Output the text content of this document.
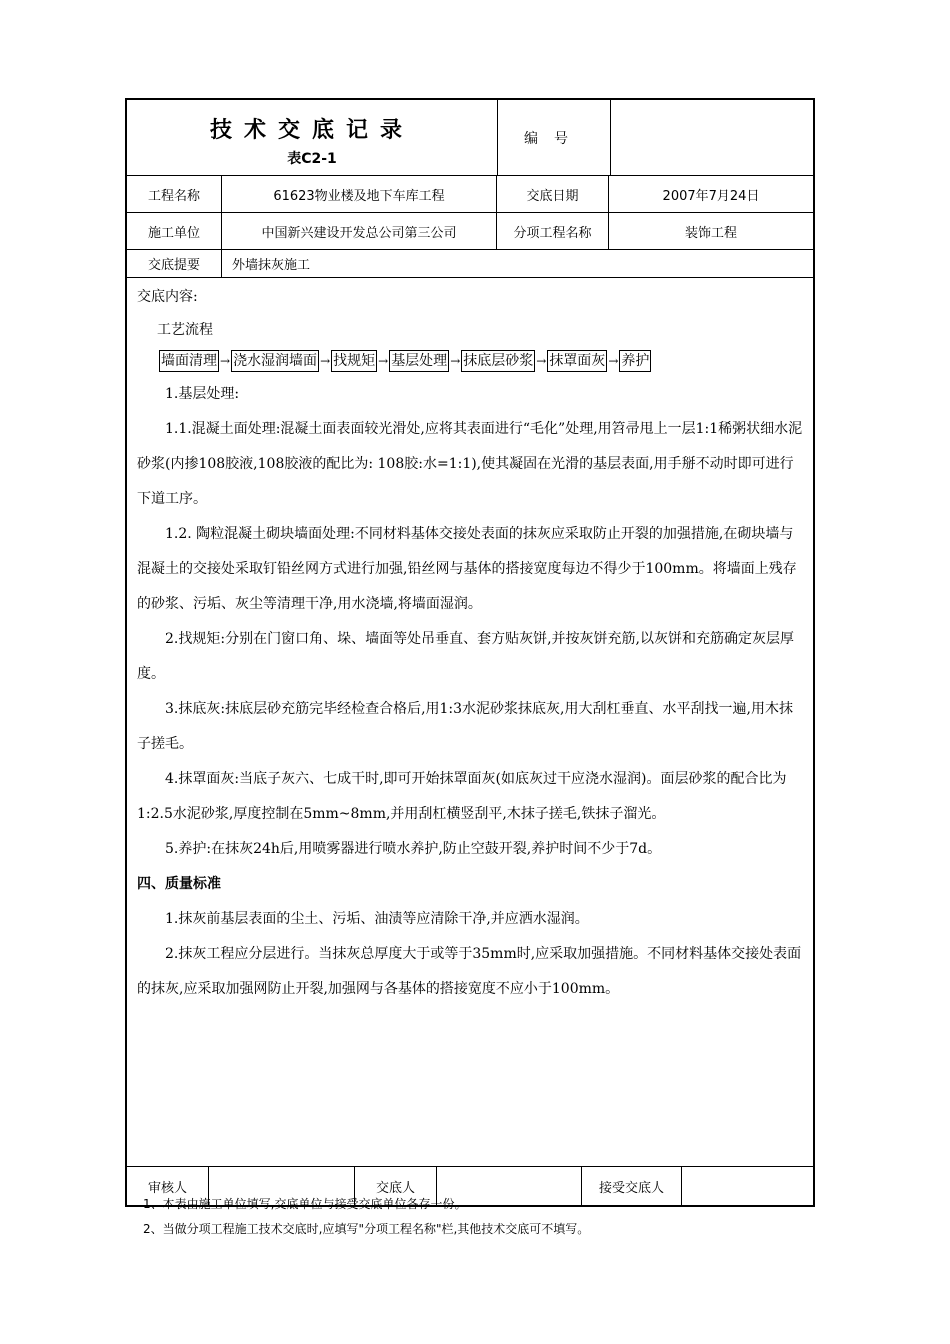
技术交底记录
表C2-1
编号
工程名称	61623物业楼及地下车库工程	交底日期	2007年7月24日
施工单位	中国新兴建设开发总公司第三公司	分项工程名称	装饰工程
交底提要	外墙抹灰施工

交底内容:

工艺流程

墙面清理 → 浇水湿润墙面 → 找规矩 → 基层处理 → 抹底层砂浆 → 抹罩面灰 → 养护

1.基层处理:

1.1.混凝土面处理:混凝土面表面较光滑处,应将其表面进行“毛化”处理,用笤帚甩上一层1:1稀粥状细水泥砂浆(内掺108胶液,108胶液的配比为: 108胶:水=1:1),使其凝固在光滑的基层表面,用手掰不动时即可进行下道工序。

1.2. 陶粒混凝土砌块墙面处理:不同材料基体交接处表面的抹灰应采取防止开裂的加强措施,在砌块墙与混凝土的交接处采取钉铅丝网方式进行加强,铅丝网与基体的搭接宽度每边不得少于100mm。将墙面上残存的砂浆、污垢、灰尘等清理干净,用水浇墙,将墙面湿润。

2.找规矩:分别在门窗口角、垛、墙面等处吊垂直、套方贴灰饼,并按灰饼充筋,以灰饼和充筋确定灰层厚度。

3.抹底灰:抹底层砂充筋完毕经检查合格后,用1:3水泥砂浆抹底灰,用大刮杠垂直、水平刮找一遍,用木抹子搓毛。

4.抹罩面灰:当底子灰六、七成干时,即可开始抹罩面灰(如底灰过干应浇水湿润)。面层砂浆的配合比为1:2.5水泥砂浆,厚度控制在5mm~8mm,并用刮杠横竖刮平,木抹子搓毛,铁抹子溜光。

5.养护:在抹灰24h后,用喷雾器进行喷水养护,防止空鼓开裂,养护时间不少于7d。

四、质量标准

1.抹灰前基层表面的尘土、污垢、油渍等应清除干净,并应洒水湿润。

2.抹灰工程应分层进行。当抹灰总厚度大于或等于35mm时,应采取加强措施。不同材料基体交接处表面的抹灰,应采取加强网防止开裂,加强网与各基体的搭接宽度不应小于100mm。

审核人	交底人	接受交底人
1、本表由施工单位填写,交底单位与接受交底单位各存一份。
2、当做分项工程施工技术交底时,应填写"分项工程名称"栏,其他技术交底可不填写。
